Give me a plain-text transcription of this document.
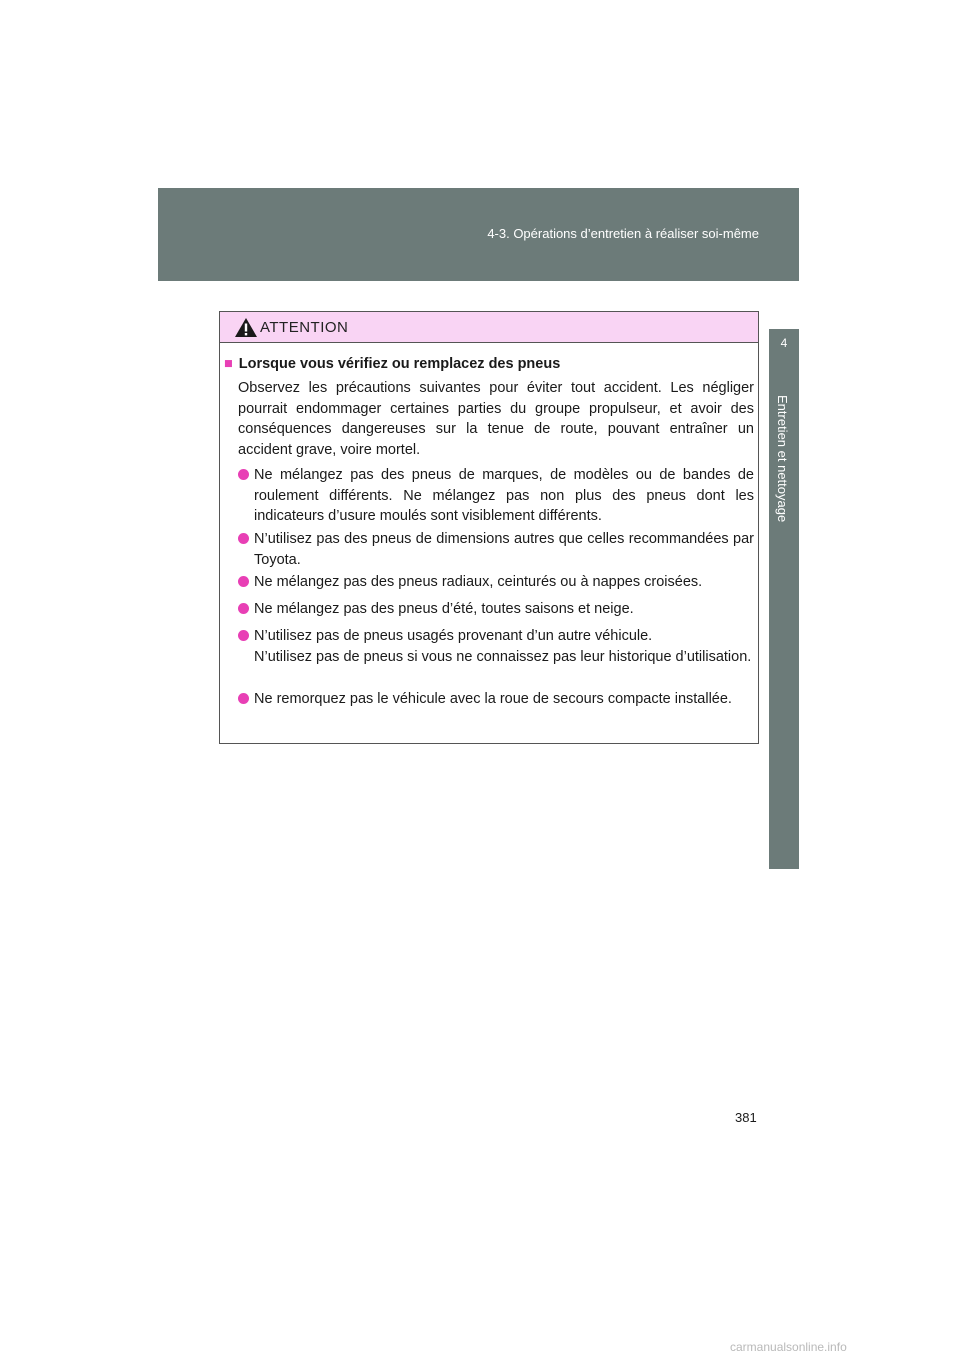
4-3. Opérations d’entretien à réaliser soi-même
4
Entretien et nettoyage
ATTENTION
■ Lorsque vous vérifiez ou remplacez des pneus
Observez les précautions suivantes pour éviter tout accident. Les négliger pourrait endommager certaines parties du groupe propulseur, et avoir des conséquences dangereuses sur la tenue de route, pouvant entraîner un accident grave, voire mortel.
Ne mélangez pas des pneus de marques, de modèles ou de bandes de roulement différents. Ne mélangez pas non plus des pneus dont les indicateurs d’usure moulés sont visiblement différents.
N’utilisez pas des pneus de dimensions autres que celles recommandées par Toyota.
Ne mélangez pas des pneus radiaux, ceinturés ou à nappes croisées.
Ne mélangez pas des pneus d’été, toutes saisons et neige.
N’utilisez pas de pneus usagés provenant d’un autre véhicule.
N’utilisez pas de pneus si vous ne connaissez pas leur historique d’utilisation.
Ne remorquez pas le véhicule avec la roue de secours compacte installée.
381
carmanualsonline.info
